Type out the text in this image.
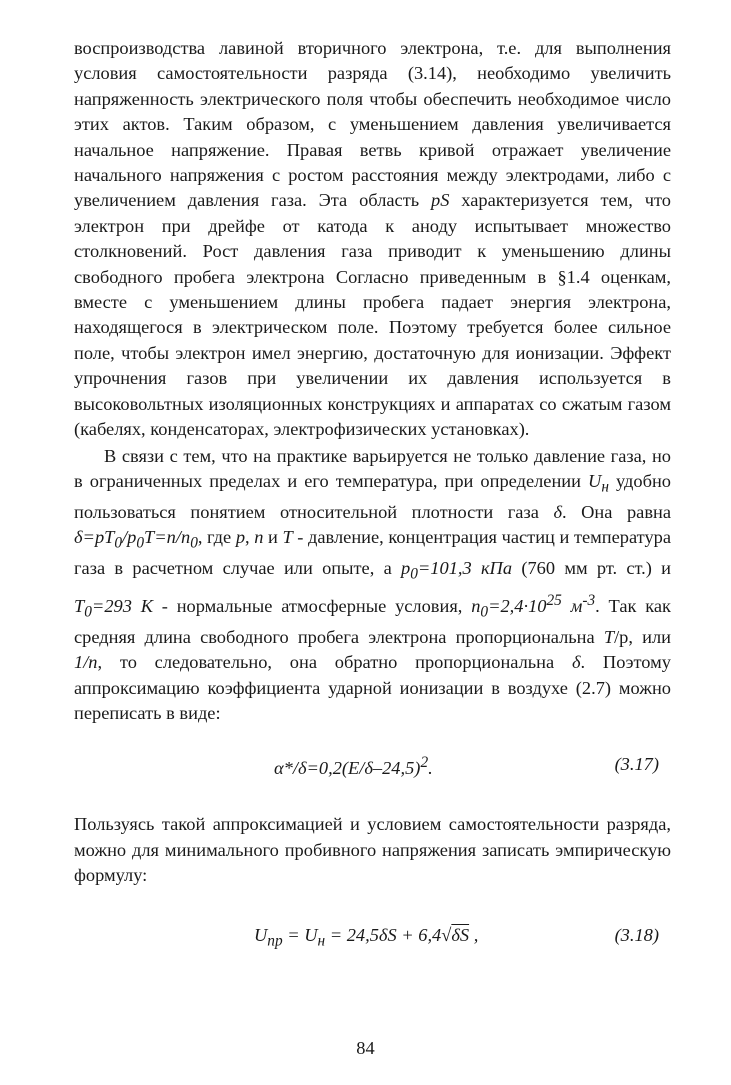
воспроизводства лавиной вторичного электрона, т.е. для выполнения условия самостоятельности разряда (3.14), необходимо увеличить напряженность электрического поля чтобы обеспечить необходимое число этих актов. Таким образом, с уменьшением давления увеличивается начальное напряжение. Правая ветвь кривой отражает увеличение начального напряжения с ростом расстояния между электродами, либо с увеличением давления газа. Эта область pS характеризуется тем, что электрон при дрейфе от катода к аноду испытывает множество столкновений. Рост давления газа приводит к уменьшению длины свободного пробега электрона Согласно приведенным в §1.4 оценкам, вместе с уменьшением длины пробега падает энергия электрона, находящегося в электрическом поле. Поэтому требуется более сильное поле, чтобы электрон имел энергию, достаточную для ионизации. Эффект упрочнения газов при увеличении их давления используется в высоковольтных изоляционных конструкциях и аппаратах со сжатым газом (кабелях, конденсаторах, электрофизических установках).

В связи с тем, что на практике варьируется не только давление газа, но в ограниченных пределах и его температура, при определении $U_н$ удобно пользоваться понятием относительной плотности газа δ. Она равна $\delta=pT_0/p_0T=n/n_0$, где p, n и T - давление, концентрация частиц и температура газа в расчетном случае или опыте, а $p_0=101,3$ кПа (760 мм рт. ст.) и $T_0=293$ К - нормальные атмосферные условия, $n_0=2,4\cdot 10^{25}$ $м^{-3}$. Так как средняя длина свободного пробега электрона пропорциональна T/p, или 1/n, то следовательно, она обратно пропорциональна δ. Поэтому аппроксимацию коэффициента ударной ионизации в воздухе (2.7) можно переписать в виде:

$\alpha*/\delta=0,2(E/\delta-24,5)^2$.	(3.17)

Пользуясь такой аппроксимацией и условием самостоятельности разряда, можно для минимального пробивного напряжения записать эмпирическую формулу:

$U_{пр} = U_н = 24,5\delta S + 6,4√\delta S$ ,	(3.18)
84
